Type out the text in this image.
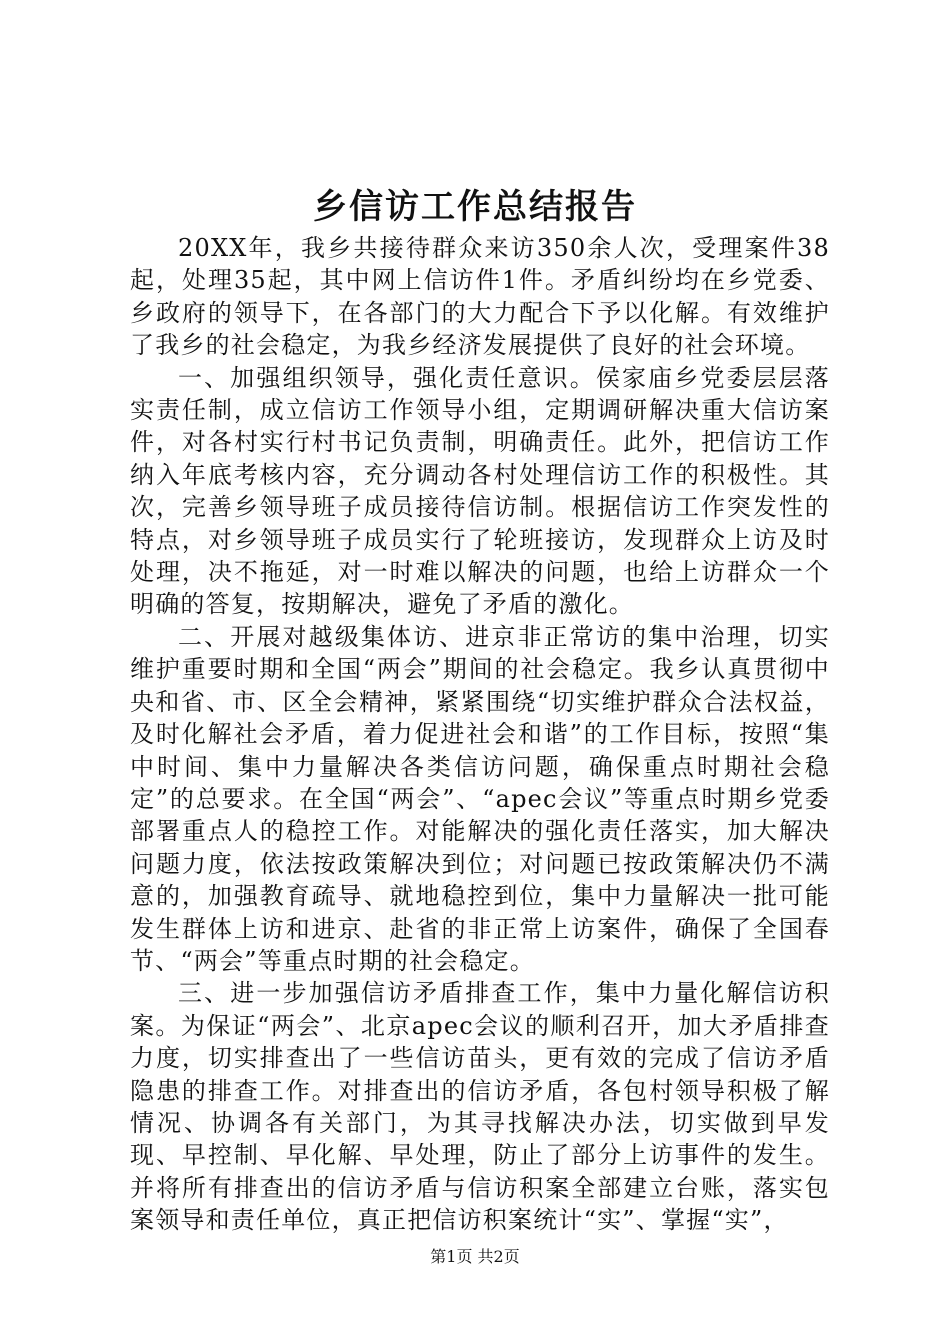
乡信访工作总结报告

20XX年，我乡共接待群众来访350余人次，受理案件38起，处理35起，其中网上信访件1件。矛盾纠纷均在乡党委、乡政府的领导下，在各部门的大力配合下予以化解。有效维护了我乡的社会稳定，为我乡经济发展提供了良好的社会环境。

一、加强组织领导，强化责任意识。侯家庙乡党委层层落实责任制，成立信访工作领导小组，定期调研解决重大信访案件，对各村实行村书记负责制，明确责任。此外，把信访工作纳入年底考核内容，充分调动各村处理信访工作的积极性。其次，完善乡领导班子成员接待信访制。根据信访工作突发性的特点，对乡领导班子成员实行了轮班接访，发现群众上访及时处理，决不拖延，对一时难以解决的问题，也给上访群众一个明确的答复，按期解决，避免了矛盾的激化。

二、开展对越级集体访、进京非正常访的集中治理，切实维护重要时期和全国“两会”期间的社会稳定。我乡认真贯彻中央和省、市、区全会精神，紧紧围绕“切实维护群众合法权益，及时化解社会矛盾，着力促进社会和谐”的工作目标，按照“集中时间、集中力量解决各类信访问题，确保重点时期社会稳定”的总要求。在全国“两会”、“apec会议”等重点时期乡党委部署重点人的稳控工作。对能解决的强化责任落实，加大解决问题力度，依法按政策解决到位；对问题已按政策解决仍不满意的，加强教育疏导、就地稳控到位，集中力量解决一批可能发生群体上访和进京、赴省的非正常上访案件，确保了全国春节、“两会”等重点时期的社会稳定。

三、进一步加强信访矛盾排查工作，集中力量化解信访积案。为保证“两会”、北京apec会议的顺利召开，加大矛盾排查力度，切实排查出了一些信访苗头，更有效的完成了信访矛盾隐患的排查工作。对排查出的信访矛盾，各包村领导积极了解情况、协调各有关部门，为其寻找解决办法，切实做到早发现、早控制、早化解、早处理，防止了部分上访事件的发生。并将所有排查出的信访矛盾与信访积案全部建立台账，落实包案领导和责任单位，真正把信访积案统计“实”、掌握“实”，

第1页 共2页
